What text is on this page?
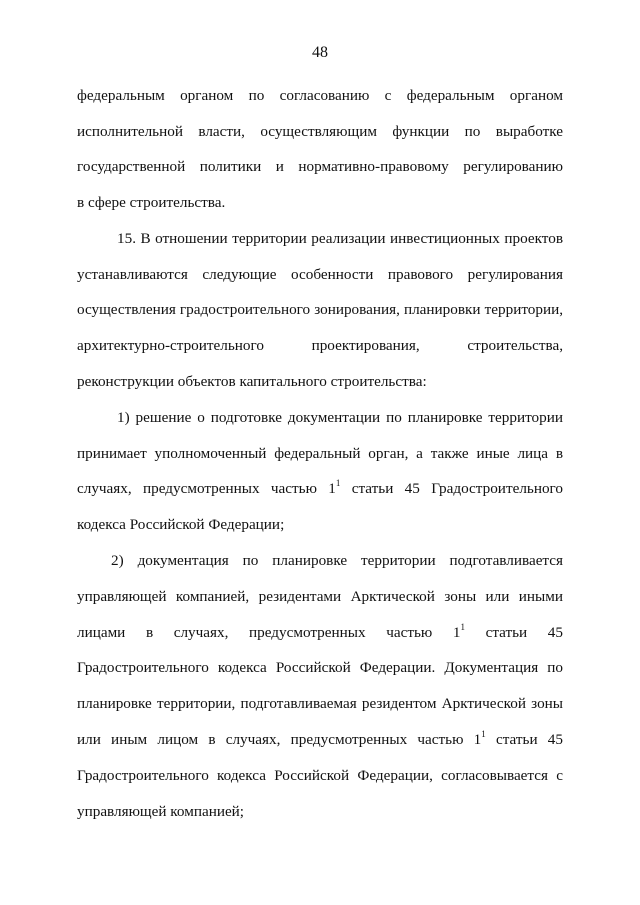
48
федеральным органом по согласованию с федеральным органом
исполнительной власти, осуществляющим функции по выработке
государственной политики и нормативно-правовому регулированию
в сфере строительства.
15. В отношении территории реализации инвестиционных проектов
устанавливаются следующие особенности правового регулирования
осуществления градостроительного зонирования, планировки территории,
архитектурно-строительного проектирования, строительства,
реконструкции объектов капитального строительства:
1) решение о подготовке документации по планировке территории
принимает уполномоченный федеральный орган, а также иные лица в
случаях, предусмотренных частью $1^1$ статьи 45 Градостроительного
кодекса Российской Федерации;
2) документация по планировке территории подготавливается
управляющей компанией, резидентами Арктической зоны или иными
лицами в случаях, предусмотренных частью $1^1$ статьи 45
Градостроительного кодекса Российской Федерации. Документация по
планировке территории, подготавливаемая резидентом Арктической зоны
или иным лицом в случаях, предусмотренных частью $1^1$ статьи 45
Градостроительного кодекса Российской Федерации, согласовывается с
управляющей компанией;
